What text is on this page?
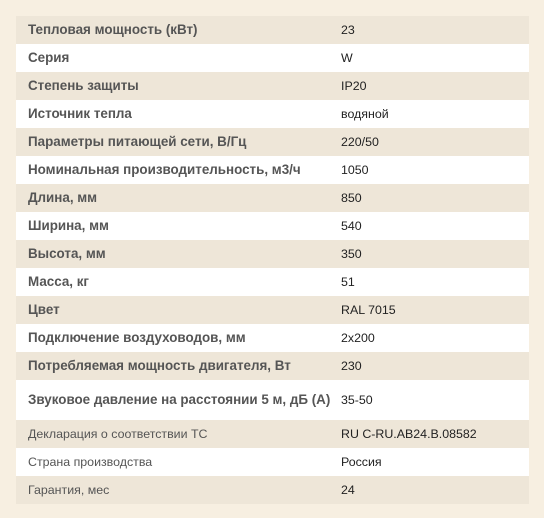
Тепловая мощность (кВт)	23
Серия	W
Степень защиты	IP20
Источник тепла	водяной
Параметры питающей сети, В/Гц	220/50
Номинальная производительность, м3/ч	1050
Длина, мм	850
Ширина, мм	540
Высота, мм	350
Масса, кг	51
Цвет	RAL 7015
Подключение воздуховодов, мм	2x200
Потребляемая мощность двигателя, Вт	230
Звуковое давление на расстоянии 5 м, дБ (А) 35-50
Декларация о соответствии ТС	RU C-RU.AB24.B.08582
Страна производства	Россия
Гарантия, мес	24
